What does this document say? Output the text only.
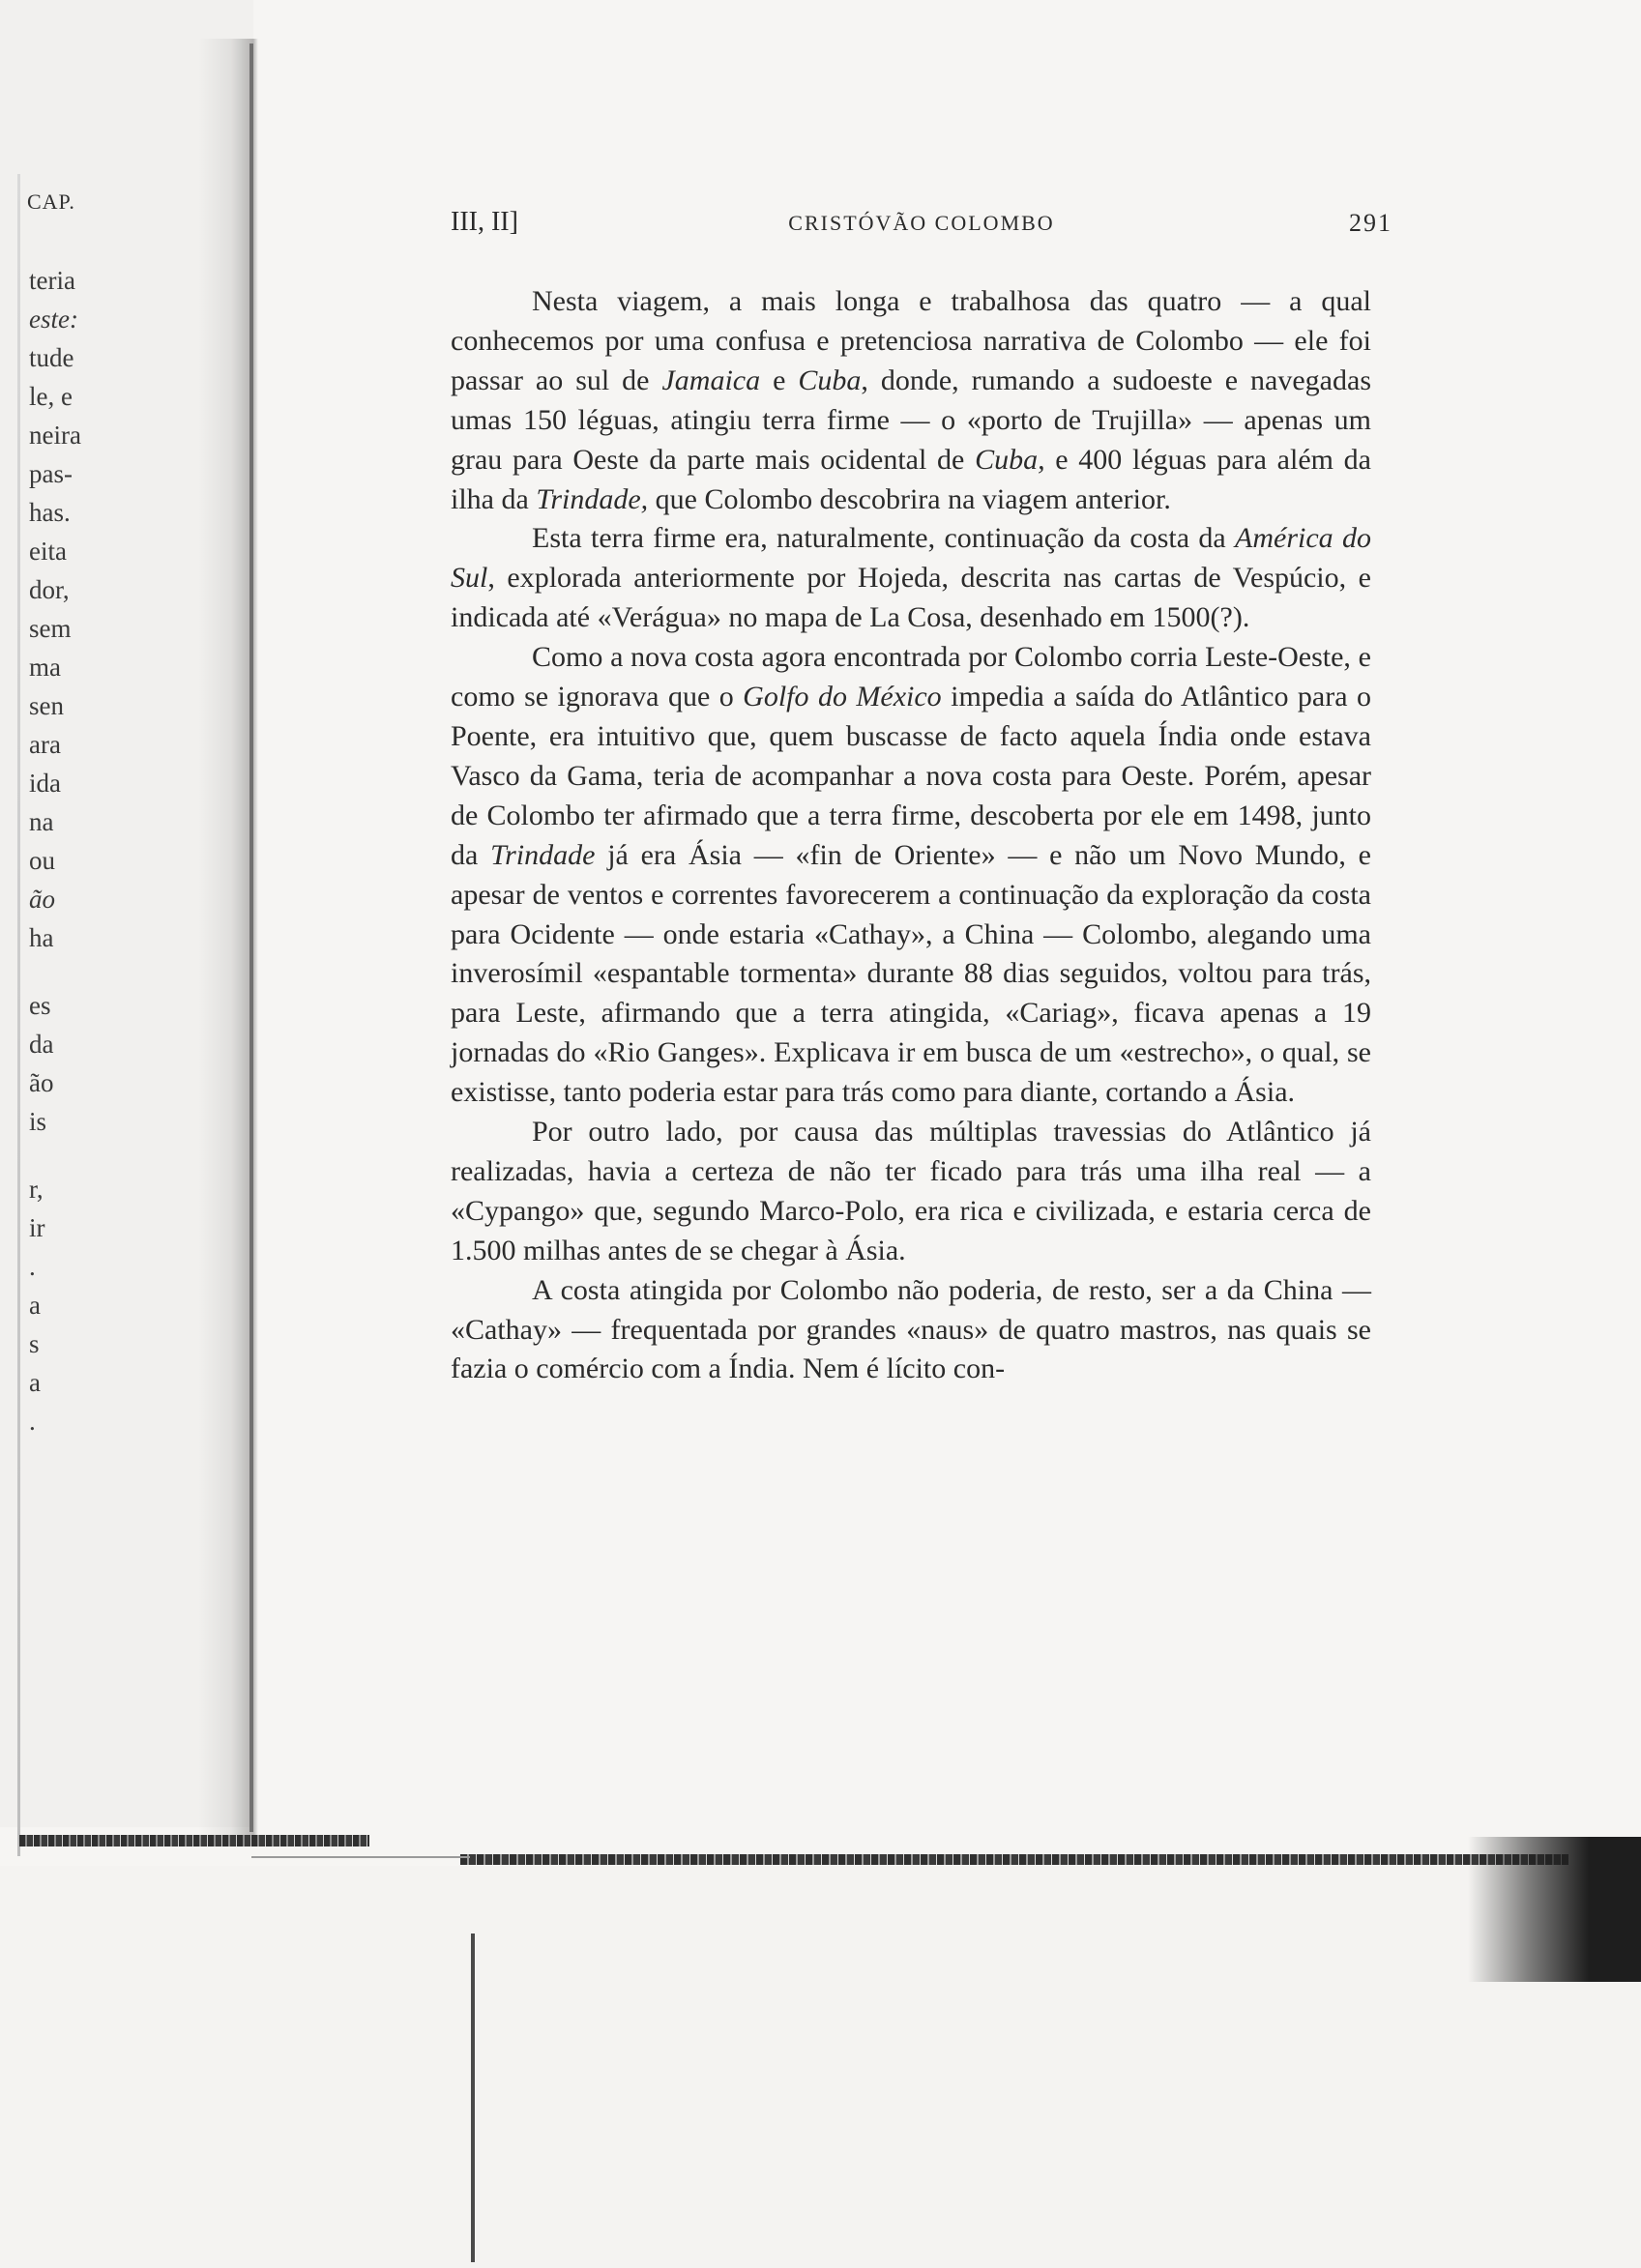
CAP.
teria
este:
tude
le, e
neira
pas-
has.
eita
dor,
sem
ma
sen
ara
ida
na
ou
ão
ha
es
da
ão
is
r,
ir
.
a
s
a
.
III, II]	CRISTÓVÃO COLOMBO	291

Nesta viagem, a mais longa e trabalhosa das quatro — a qual conhecemos por uma confusa e pretenciosa narrativa de Colombo — ele foi passar ao sul de Jamaica e Cuba, donde, rumando a sudoeste e navegadas umas 150 léguas, atingiu terra firme — o «porto de Trujilla» — apenas um grau para Oeste da parte mais ocidental de Cuba, e 400 léguas para além da ilha da Trindade, que Colombo descobrira na viagem anterior.

Esta terra firme era, naturalmente, continuação da costa da América do Sul, explorada anteriormente por Hojeda, descrita nas cartas de Vespúcio, e indicada até «Verágua» no mapa de La Cosa, desenhado em 1500(?).

Como a nova costa agora encontrada por Colombo corria Leste-Oeste, e como se ignorava que o Golfo do México impedia a saída do Atlântico para o Poente, era intuitivo que, quem buscasse de facto aquela Índia onde estava Vasco da Gama, teria de acompanhar a nova costa para Oeste. Porém, apesar de Colombo ter afirmado que a terra firme, descoberta por ele em 1498, junto da Trindade já era Ásia — «fin de Oriente» — e não um Novo Mundo, e apesar de ventos e correntes favorecerem a continuação da exploração da costa para Ocidente — onde estaria «Cathay», a China — Colombo, alegando uma inverosímil «espantable tormenta» durante 88 dias seguidos, voltou para trás, para Leste, afirmando que a terra atingida, «Cariag», ficava apenas a 19 jornadas do «Rio Ganges». Explicava ir em busca de um «estrecho», o qual, se existisse, tanto poderia estar para trás como para diante, cortando a Ásia.

Por outro lado, por causa das múltiplas travessias do Atlântico já realizadas, havia a certeza de não ter ficado para trás uma ilha real — a «Cypango» que, segundo Marco-Polo, era rica e civilizada, e estaria cerca de 1.500 milhas antes de se chegar à Ásia.

A costa atingida por Colombo não poderia, de resto, ser a da China — «Cathay» — frequentada por grandes «naus» de quatro mastros, nas quais se fazia o comércio com a Índia. Nem é lícito con-
